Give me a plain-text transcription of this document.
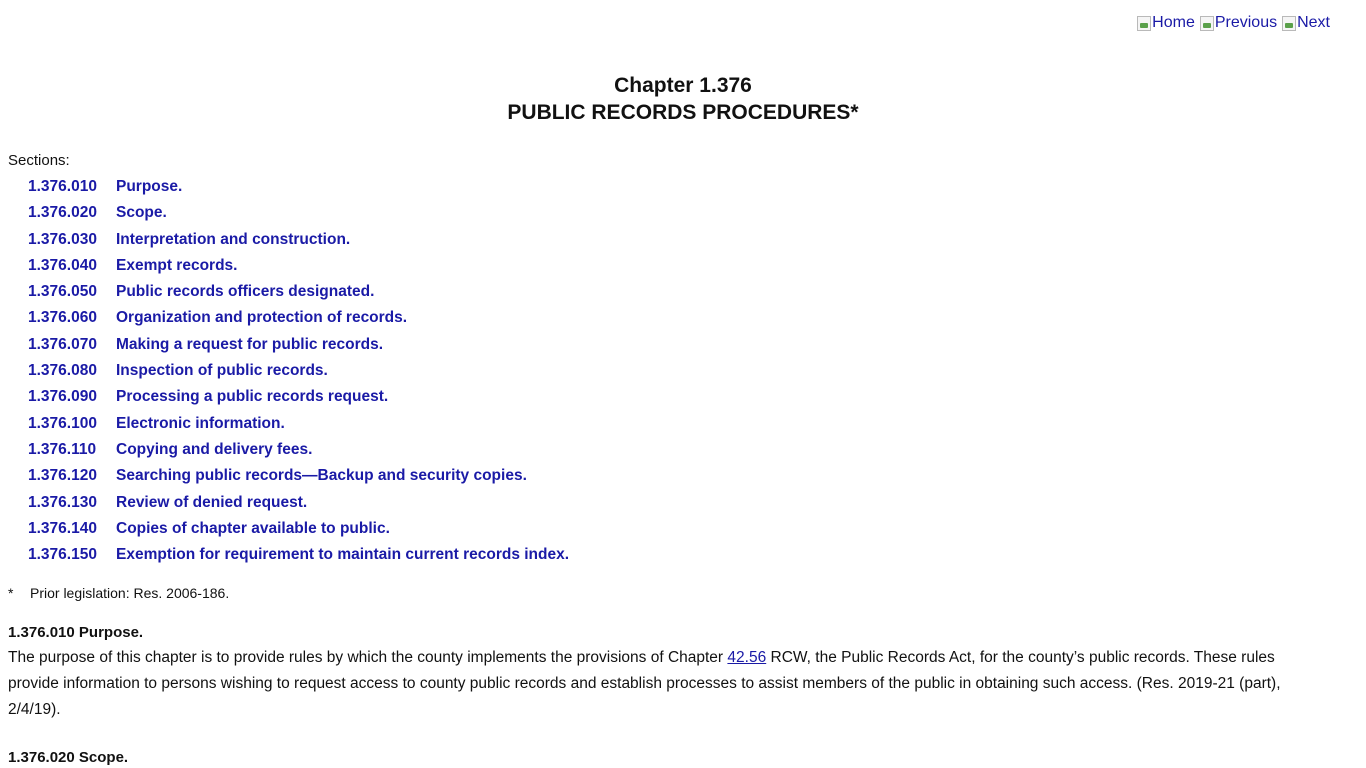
Home Previous Next
Chapter 1.376
PUBLIC RECORDS PROCEDURES*
Sections:
1.376.010 Purpose.
1.376.020 Scope.
1.376.030 Interpretation and construction.
1.376.040 Exempt records.
1.376.050 Public records officers designated.
1.376.060 Organization and protection of records.
1.376.070 Making a request for public records.
1.376.080 Inspection of public records.
1.376.090 Processing a public records request.
1.376.100 Electronic information.
1.376.110 Copying and delivery fees.
1.376.120 Searching public records—Backup and security copies.
1.376.130 Review of denied request.
1.376.140 Copies of chapter available to public.
1.376.150 Exemption for requirement to maintain current records index.
* Prior legislation: Res. 2006-186.
1.376.010 Purpose.
The purpose of this chapter is to provide rules by which the county implements the provisions of Chapter 42.56 RCW, the Public Records Act, for the county’s public records. These rules provide information to persons wishing to request access to county public records and establish processes to assist members of the public in obtaining such access. (Res. 2019-21 (part), 2/4/19).
1.376.020 Scope.
